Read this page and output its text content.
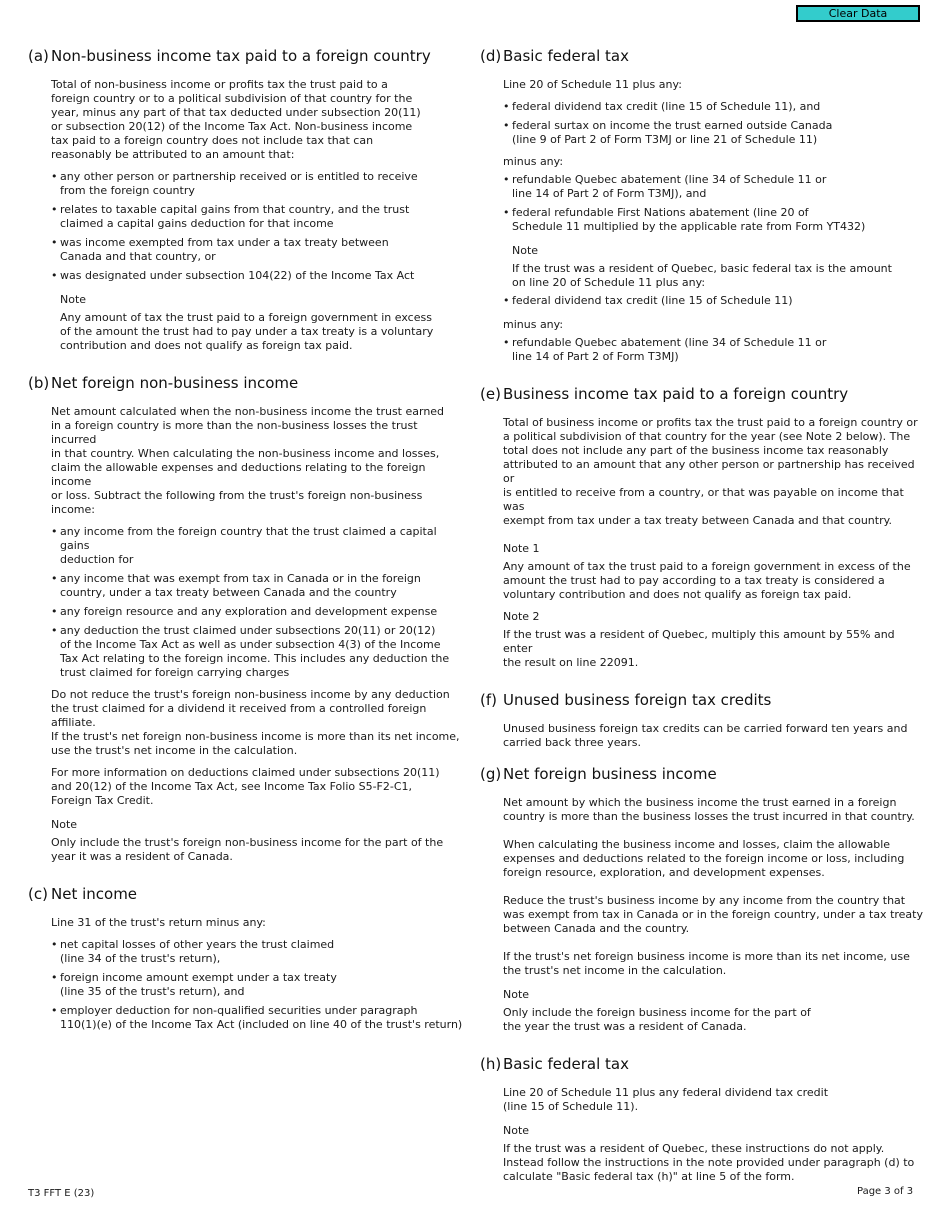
Clear Data
(a) Non-business income tax paid to a foreign country

Total of non-business income or profits tax the trust paid to a
foreign country or to a political subdivision of that country for the
year, minus any part of that tax deducted under subsection 20(11)
or subsection 20(12) of the Income Tax Act. Non-business income
tax paid to a foreign country does not include tax that can
reasonably be attributed to an amount that:

• any other person or partnership received or is entitled to receive
from the foreign country
• relates to taxable capital gains from that country, and the trust
claimed a capital gains deduction for that income
• was income exempted from tax under a tax treaty between
Canada and that country, or
• was designated under subsection 104(22) of the Income Tax Act
Note

Any amount of tax the trust paid to a foreign government in excess
of the amount the trust had to pay under a tax treaty is a voluntary
contribution and does not qualify as foreign tax paid.

(b) Net foreign non-business income

Net amount calculated when the non-business income the trust earned
in a foreign country is more than the non-business losses the trust incurred
in that country. When calculating the non-business income and losses,
claim the allowable expenses and deductions relating to the foreign income
or loss. Subtract the following from the trust's foreign non-business income:

• any income from the foreign country that the trust claimed a capital gains
deduction for
• any income that was exempt from tax in Canada or in the foreign
country, under a tax treaty between Canada and the country
• any foreign resource and any exploration and development expense
• any deduction the trust claimed under subsections 20(11) or 20(12)
of the Income Tax Act as well as under subsection 4(3) of the Income
Tax Act relating to the foreign income. This includes any deduction the
trust claimed for foreign carrying charges

Do not reduce the trust's foreign non-business income by any deduction
the trust claimed for a dividend it received from a controlled foreign affiliate.
If the trust's net foreign non-business income is more than its net income,
use the trust's net income in the calculation.

For more information on deductions claimed under subsections 20(11)
and 20(12) of the Income Tax Act, see Income Tax Folio S5-F2-C1,
Foreign Tax Credit.

Note

Only include the trust's foreign non-business income for the part of the
year it was a resident of Canada.

(c) Net income

Line 31 of the trust's return minus any:

• net capital losses of other years the trust claimed
(line 34 of the trust's return),
• foreign income amount exempt under a tax treaty
(line 35 of the trust's return), and
• employer deduction for non-qualified securities under paragraph
110(1)(e) of the Income Tax Act (included on line 40 of the trust's return)
(d) Basic federal tax

Line 20 of Schedule 11 plus any:

• federal dividend tax credit (line 15 of Schedule 11), and
• federal surtax on income the trust earned outside Canada
(line 9 of Part 2 of Form T3MJ or line 21 of Schedule 11)

minus any:

• refundable Quebec abatement (line 34 of Schedule 11 or
line 14 of Part 2 of Form T3MJ), and
• federal refundable First Nations abatement (line 20 of
Schedule 11 multiplied by the applicable rate from Form YT432)
Note

If the trust was a resident of Quebec, basic federal tax is the amount
on line 20 of Schedule 11 plus any:

• federal dividend tax credit (line 15 of Schedule 11)

minus any:

• refundable Quebec abatement (line 34 of Schedule 11 or
line 14 of Part 2 of Form T3MJ)
(e) Business income tax paid to a foreign country

Total of business income or profits tax the trust paid to a foreign country or
a political subdivision of that country for the year (see Note 2 below). The
total does not include any part of the business income tax reasonably
attributed to an amount that any other person or partnership has received or
is entitled to receive from a country, or that was payable on income that was
exempt from tax under a tax treaty between Canada and that country.

Note 1

Any amount of tax the trust paid to a foreign government in excess of the
amount the trust had to pay according to a tax treaty is considered a
voluntary contribution and does not qualify as foreign tax paid.

Note 2

If the trust was a resident of Quebec, multiply this amount by 55% and enter
the result on line 22091.

(f) Unused business foreign tax credits

Unused business foreign tax credits can be carried forward ten years and
carried back three years.

(g) Net foreign business income

Net amount by which the business income the trust earned in a foreign
country is more than the business losses the trust incurred in that country.

When calculating the business income and losses, claim the allowable
expenses and deductions related to the foreign income or loss, including
foreign resource, exploration, and development expenses.

Reduce the trust's business income by any income from the country that
was exempt from tax in Canada or in the foreign country, under a tax treaty
between Canada and the country.

If the trust's net foreign business income is more than its net income, use
the trust's net income in the calculation.

Note

Only include the foreign business income for the part of
the year the trust was a resident of Canada.

(h) Basic federal tax

Line 20 of Schedule 11 plus any federal dividend tax credit
(line 15 of Schedule 11).

Note

If the trust was a resident of Quebec, these instructions do not apply.
Instead follow the instructions in the note provided under paragraph (d) to
calculate "Basic federal tax (h)" at line 5 of the form.

T3 FFT E (23)	Page 3 of 3
